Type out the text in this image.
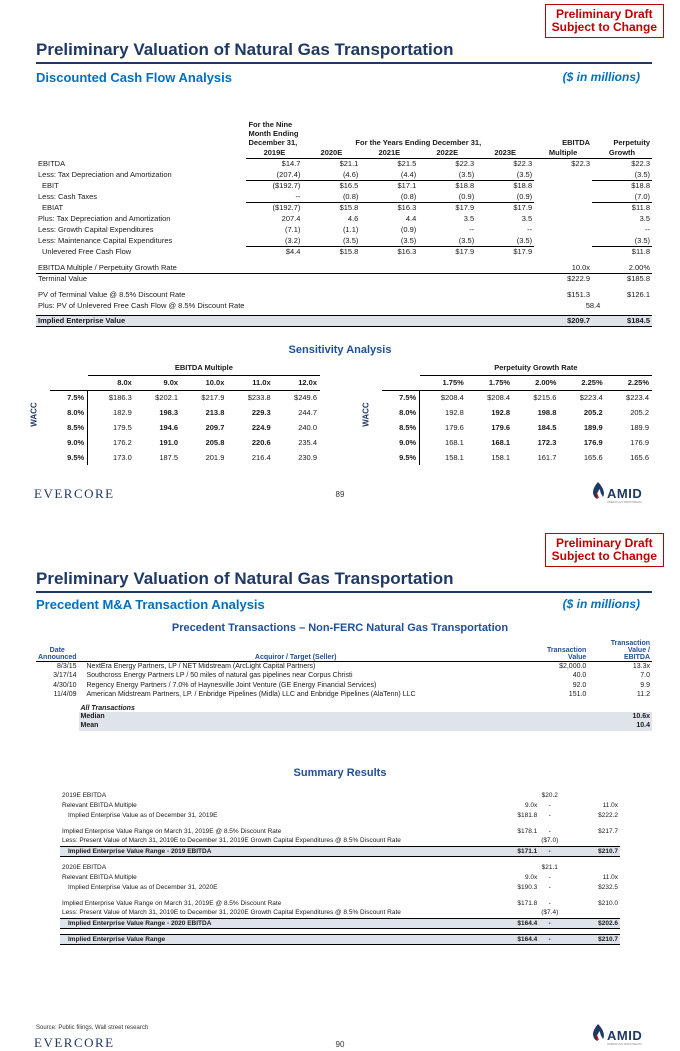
Preliminary Draft
Subject to Change
Preliminary Valuation of Natural Gas Transportation
Discounted Cash Flow Analysis	($ in millions)
	For the Nine
Month Ending
December 31,	For the Years Ending December 31,				EBITDA	Perpetuity
	2019E	2020E	2021E	2022E	2023E	Multiple	Growth
EBITDA	$14.7	$21.1	$21.5	$22.3	$22.3	$22.3	$22.3
Less: Tax Depreciation and Amortization	(207.4)	(4.6)	(4.4)	(3.5)	(3.5)		(3.5)
EBIT	($192.7)	$16.5	$17.1	$18.8	$18.8		$18.8
Less: Cash Taxes	--	(0.8)	(0.8)	(0.9)	(0.9)		(7.0)
EBIAT	($192.7)	$15.8	$16.3	$17.9	$17.9		$11.8
Plus: Tax Depreciation and Amortization	207.4	4.6	4.4	3.5	3.5		3.5
Less: Growth Capital Expenditures	(7.1)	(1.1)	(0.9)	--	--		--
Less: Maintenance Capital Expenditures	(3.2)	(3.5)	(3.5)	(3.5)	(3.5)		(3.5)
Unlevered Free Cash Flow	$4.4	$15.8	$16.3	$17.9	$17.9		$11.8

EBITDA Multiple / Perpetuity Growth Rate						10.0x	2.00%
Terminal Value						$222.9	$185.8

PV of Terminal Value @ 8.5% Discount Rate						$151.3	$126.1
Plus: PV of Unlevered Free Cash Flow @ 8.5% Discount Rate						58.4	

Implied Enterprise Value						$209.7	$184.5
Sensitivity Analysis
WACC
	EBITDA Multiple				
	8.0x	9.0x	10.0x	11.0x	12.0x
7.5%	$186.3	$202.1	$217.9	$233.8	$249.6
8.0%	182.9	198.3	213.8	229.3	244.7
8.5%	179.5	194.6	209.7	224.9	240.0
9.0%	176.2	191.0	205.8	220.6	235.4
9.5%	173.0	187.5	201.9	216.4	230.9
WACC
	Perpetuity Growth Rate				
	1.75%	1.75%	2.00%	2.25%	2.25%
7.5%	$208.4	$208.4	$215.6	$223.4	$223.4
8.0%	192.8	192.8	198.8	205.2	205.2
8.5%	179.6	179.6	184.5	189.9	189.9
9.0%	168.1	168.1	172.3	176.9	176.9
9.5%	158.1	158.1	161.7	165.6	165.6
EVERCORE	89	AMID
AMERICAN MIDSTREAM
Preliminary Draft
Subject to Change
Preliminary Valuation of Natural Gas Transportation
Precedent M&A Transaction Analysis	($ in millions)
Precedent Transactions – Non-FERC Natural Gas Transportation
Date
Announced	Acquiror / Target (Seller)	Transaction
Value	Transaction
Value /
EBITDA
8/3/15	NextEra Energy Partners, LP / NET Midstream (ArcLight Capital Partners)	$2,000.0	13.3x
3/17/14	Southcross Energy Partners LP / 50 miles of natural gas pipelines near Corpus Christi	40.0	7.0
4/30/10	Regency Energy Partners / 7.0% of Haynesville Joint Venture (GE Energy Financial Services)	92.0	9.9
11/4/09	American Midstream Partners, LP. / Enbridge Pipelines (Midla) LLC and Enbridge Pipelines (AlaTenn) LLC	151.0	11.2
	All Transactions		
	Median		10.6x
	Mean		10.4
Summary Results
2019E EBITDA		$20.2	
Relevant EBITDA Multiple	9.0x	-	11.0x
Implied Enterprise Value as of December 31, 2019E	$181.8	-	$222.2

Implied Enterprise Value Range on March 31, 2019E @ 8.5% Discount Rate	$178.1	-	$217.7
Less: Present Value of March 31, 2019E to December 31, 2019E Growth Capital Expenditures @ 8.5% Discount Rate		($7.0)	
Implied Enterprise Value Range - 2019 EBITDA	$171.1	-	$210.7

2020E EBITDA		$21.1	
Relevant EBITDA Multiple	9.0x	-	11.0x
Implied Enterprise Value as of December 31, 2020E	$190.3	-	$232.5

Implied Enterprise Value Range on March 31, 2019E @ 8.5% Discount Rate	$171.8	-	$210.0
Less: Present Value of March 31, 2019E to December 31, 2020E Growth Capital Expenditures @ 8.5% Discount Rate		($7.4)	
Implied Enterprise Value Range - 2020 EBITDA	$164.4	-	$202.6

Implied Enterprise Value Range	$164.4	-	$210.7
Source: Public filings, Wall street research
EVERCORE	90
AMID
AMERICAN MIDSTREAM
